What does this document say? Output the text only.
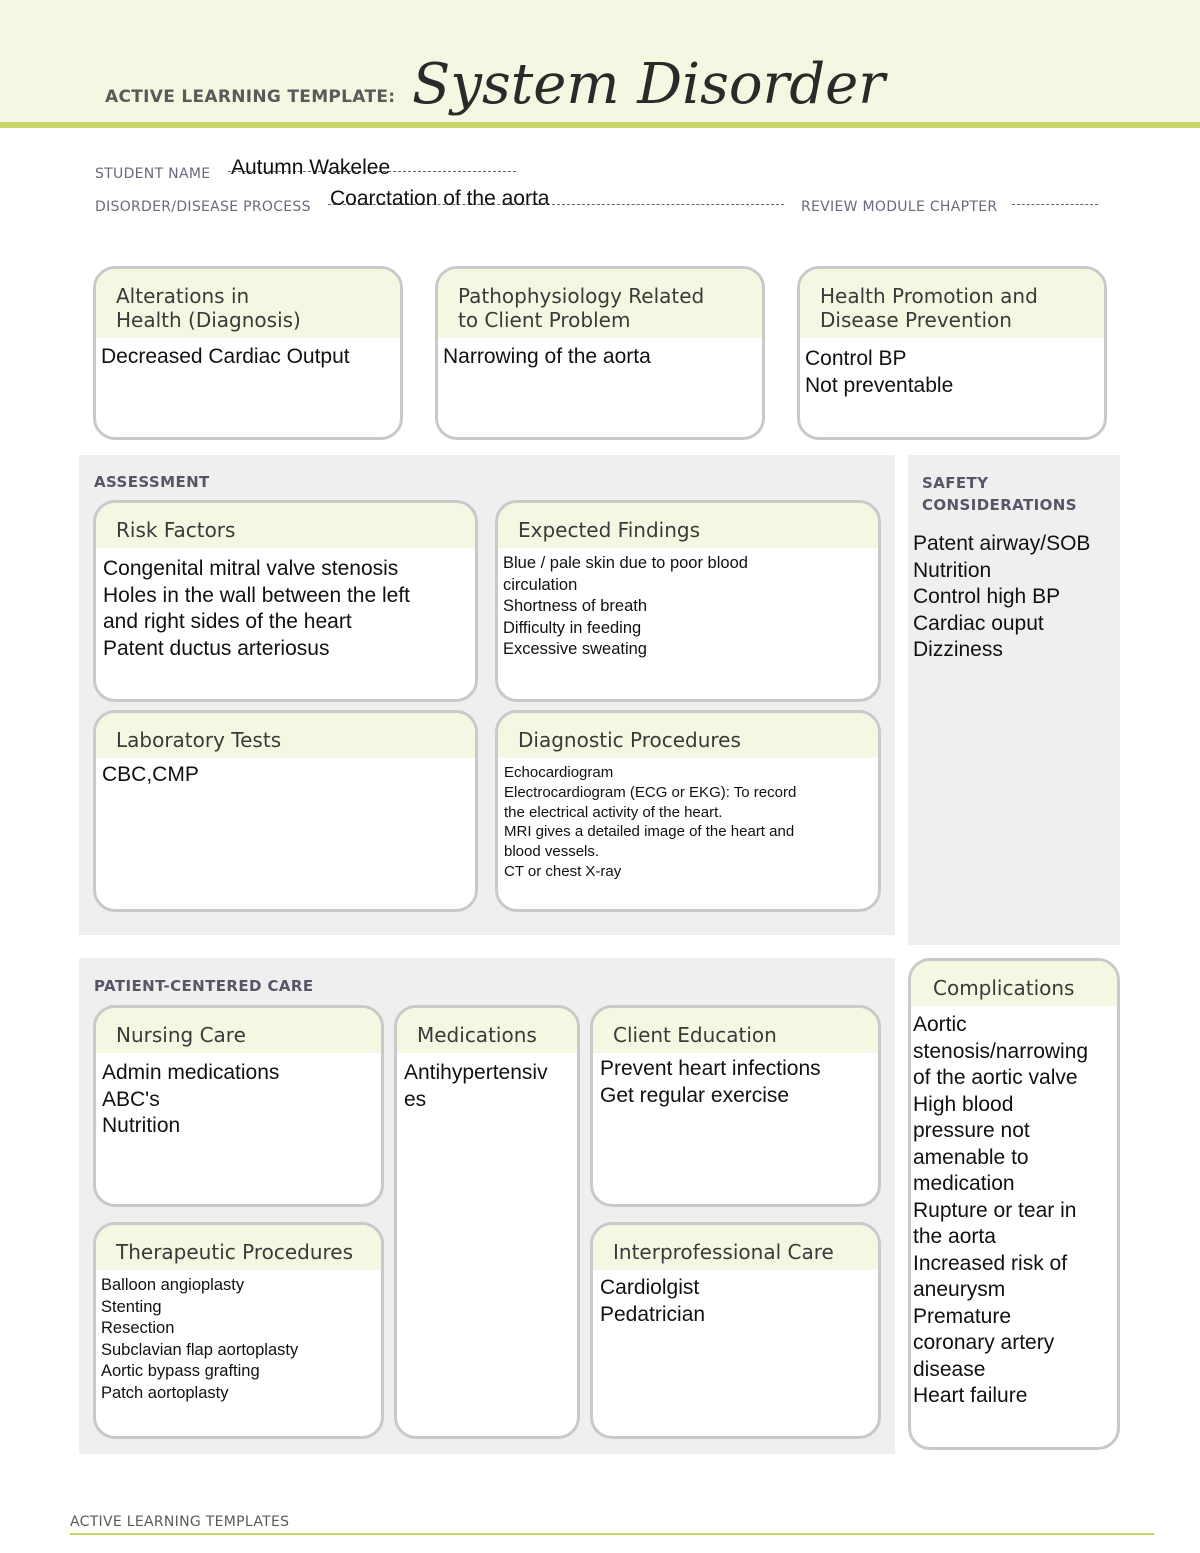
ACTIVE LEARNING TEMPLATE: System Disorder
STUDENT NAME Autumn Wakelee
DISORDER/DISEASE PROCESS Coarctation of the aorta	REVIEW MODULE CHAPTER
Alterations in
Health (Diagnosis)
Decreased Cardiac Output
Pathophysiology Related
to Client Problem
Narrowing of the aorta
Health Promotion and
Disease Prevention
Control BP
Not preventable
ASSESSMENT
Risk Factors
Congenital mitral valve stenosis
Holes in the wall between the left
and right sides of the heart
Patent ductus arteriosus
Expected Findings
Blue / pale skin due to poor blood
circulation
Shortness of breath
Difficulty in feeding
Excessive sweating
Laboratory Tests
CBC,CMP
Diagnostic Procedures
Echocardiogram
Electrocardiogram (ECG or EKG): To record
the electrical activity of the heart.
MRI gives a detailed image of the heart and
blood vessels.
CT or chest X-ray
SAFETY
CONSIDERATIONS
Patent airway/SOB
Nutrition
Control high BP
Cardiac ouput
Dizziness
PATIENT-CENTERED CARE
Nursing Care
Admin medications
ABC's
Nutrition
Medications
Antihypertensiv
es
Client Education
Prevent heart infections
Get regular exercise
Therapeutic Procedures
Balloon angioplasty
Stenting
Resection
Subclavian flap aortoplasty
Aortic bypass grafting
Patch aortoplasty
Interprofessional Care
Cardiolgist
Pedatrician
Complications
Aortic
stenosis/narrowing
of the aortic valve
High blood
pressure not
amenable to
medication
Rupture or tear in
the aorta
Increased risk of
aneurysm
Premature
coronary artery
disease
Heart failure
ACTIVE LEARNING TEMPLATES
